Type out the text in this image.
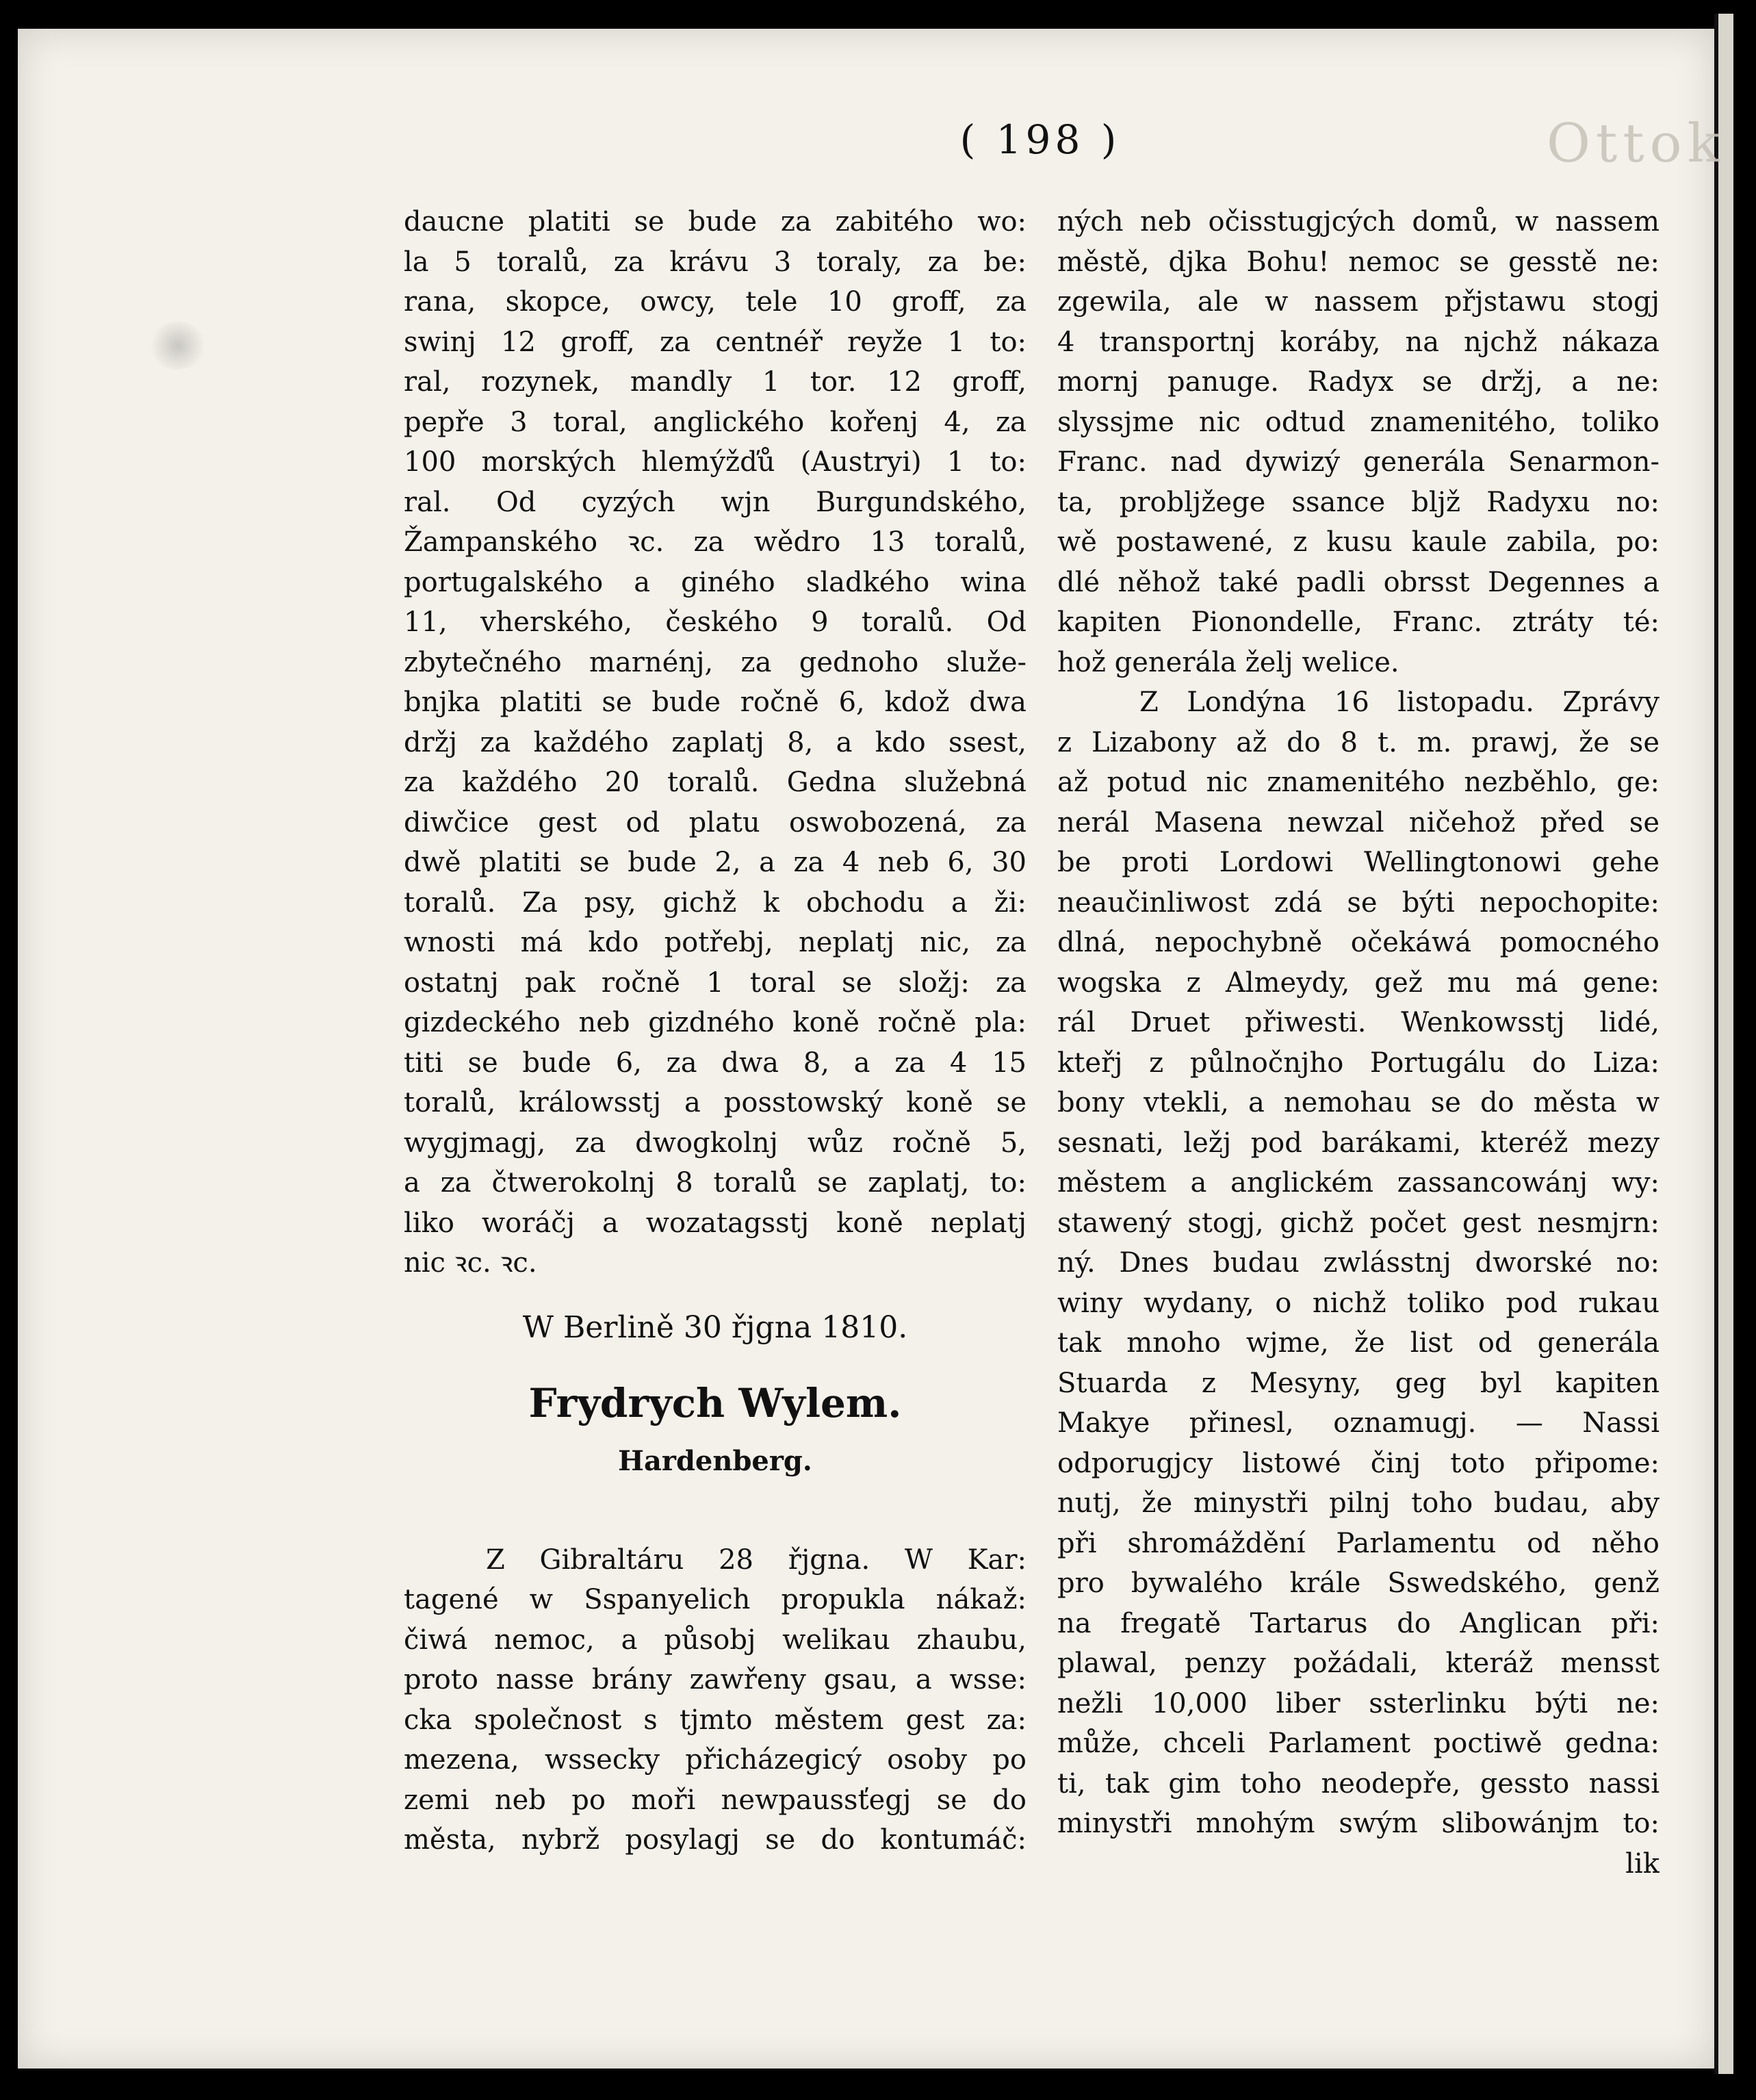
Ottok
( 198 )
daucne platiti se bude za zabitého wo:
la 5 toralů, za krávu 3 toraly, za be:
rana, skopce, owcy, tele 10 groff, za
swinj 12 groff, za centnéř reyže 1 to:
ral, rozynek, mandly 1 tor. 12 groff,
pepře 3 toral, anglického kořenj 4, za
100 morských hlemýžďů (Austryi) 1 to:
ral. Od cyzých wjn Burgundského,
Žampanského ꝛc. za wědro 13 toralů,
portugalského a giného sladkého wina
11, vherského, českého 9 toralů. Od
zbytečného marnénj, za gednoho služe-
bnjka platiti se bude ročně 6, kdož dwa
držj za každého zaplatj 8, a kdo ssest,
za každého 20 toralů. Gedna služebná
diwčice gest od platu oswobozená, za
dwě platiti se bude 2, a za 4 neb 6, 30
toralů. Za psy, gichž k obchodu a ži:
wnosti má kdo potřebj, neplatj nic, za
ostatnj pak ročně 1 toral se složj: za
gizdeckého neb gizdného koně ročně pla:
titi se bude 6, za dwa 8, a za 4 15
toralů, králowsstj a posstowský koně se
wygjmagj, za dwogkolnj wůz ročně 5,
a za čtwerokolnj 8 toralů se zaplatj, to:
liko woráčj a wozatagsstj koně neplatj
nic ꝛc. ꝛc.
W Berlině 30 řjgna 1810.
Frydrych Wylem.
Hardenberg.
Z Gibraltáru 28 řjgna. W Kar:
tagené w Sspanyelich propukla nákaž:
čiwá nemoc, a působj welikau zhaubu,
proto nasse brány zawřeny gsau, a wsse:
cka společnost s tjmto městem gest za:
mezena, wssecky přicházegicý osoby po
zemi neb po moři newpaussťegj se do
města, nybrž posylagj se do kontumáč:
ných neb očisstugjcých domů, w nassem
městě, djka Bohu! nemoc se gesstě ne:
zgewila, ale w nassem přjstawu stogj
4 transportnj koráby, na njchž nákaza
mornj panuge. Radyx se držj, a ne:
slyssjme nic odtud znamenitého, toliko
Franc. nad dywizý generála Senarmon-
ta, probljžege ssance bljž Radyxu no:
wě postawené, z kusu kaule zabila, po:
dlé něhož také padli obrsst Degennes a
kapiten Pionondelle, Franc. ztráty té:
hož generála želj welice.
Z Londýna 16 listopadu. Zprávy
z Lizabony až do 8 t. m. prawj, že se
až potud nic znamenitého nezběhlo, ge:
nerál Masena newzal ničehož před se
be proti Lordowi Wellingtonowi gehe
neaučinliwost zdá se býti nepochopite:
dlná, nepochybně očekáwá pomocného
wogska z Almeydy, gež mu má gene:
rál Druet přiwesti. Wenkowsstj lidé,
kteřj z půlnočnjho Portugálu do Liza:
bony vtekli, a nemohau se do města w
sesnati, ležj pod barákami, kteréž mezy
městem a anglickém zassancowánj wy:
stawený stogj, gichž počet gest nesmjrn:
ný. Dnes budau zwlásstnj dworské no:
winy wydany, o nichž toliko pod rukau
tak mnoho wjme, že list od generála
Stuarda z Mesyny, geg byl kapiten
Makye přinesl, oznamugj. — Nassi
odporugjcy listowé činj toto připome:
nutj, že minystři pilnj toho budau, aby
při shromáždění Parlamentu od něho
pro bywalého krále Sswedského, genž
na fregatě Tartarus do Anglican při:
plawal, penzy požádali, kteráž mensst
nežli 10,000 liber ssterlinku býti ne:
může, chceli Parlament poctiwě gedna:
ti, tak gim toho neodepře, gessto nassi
minystři mnohým swým slibowánjm to:
lik
